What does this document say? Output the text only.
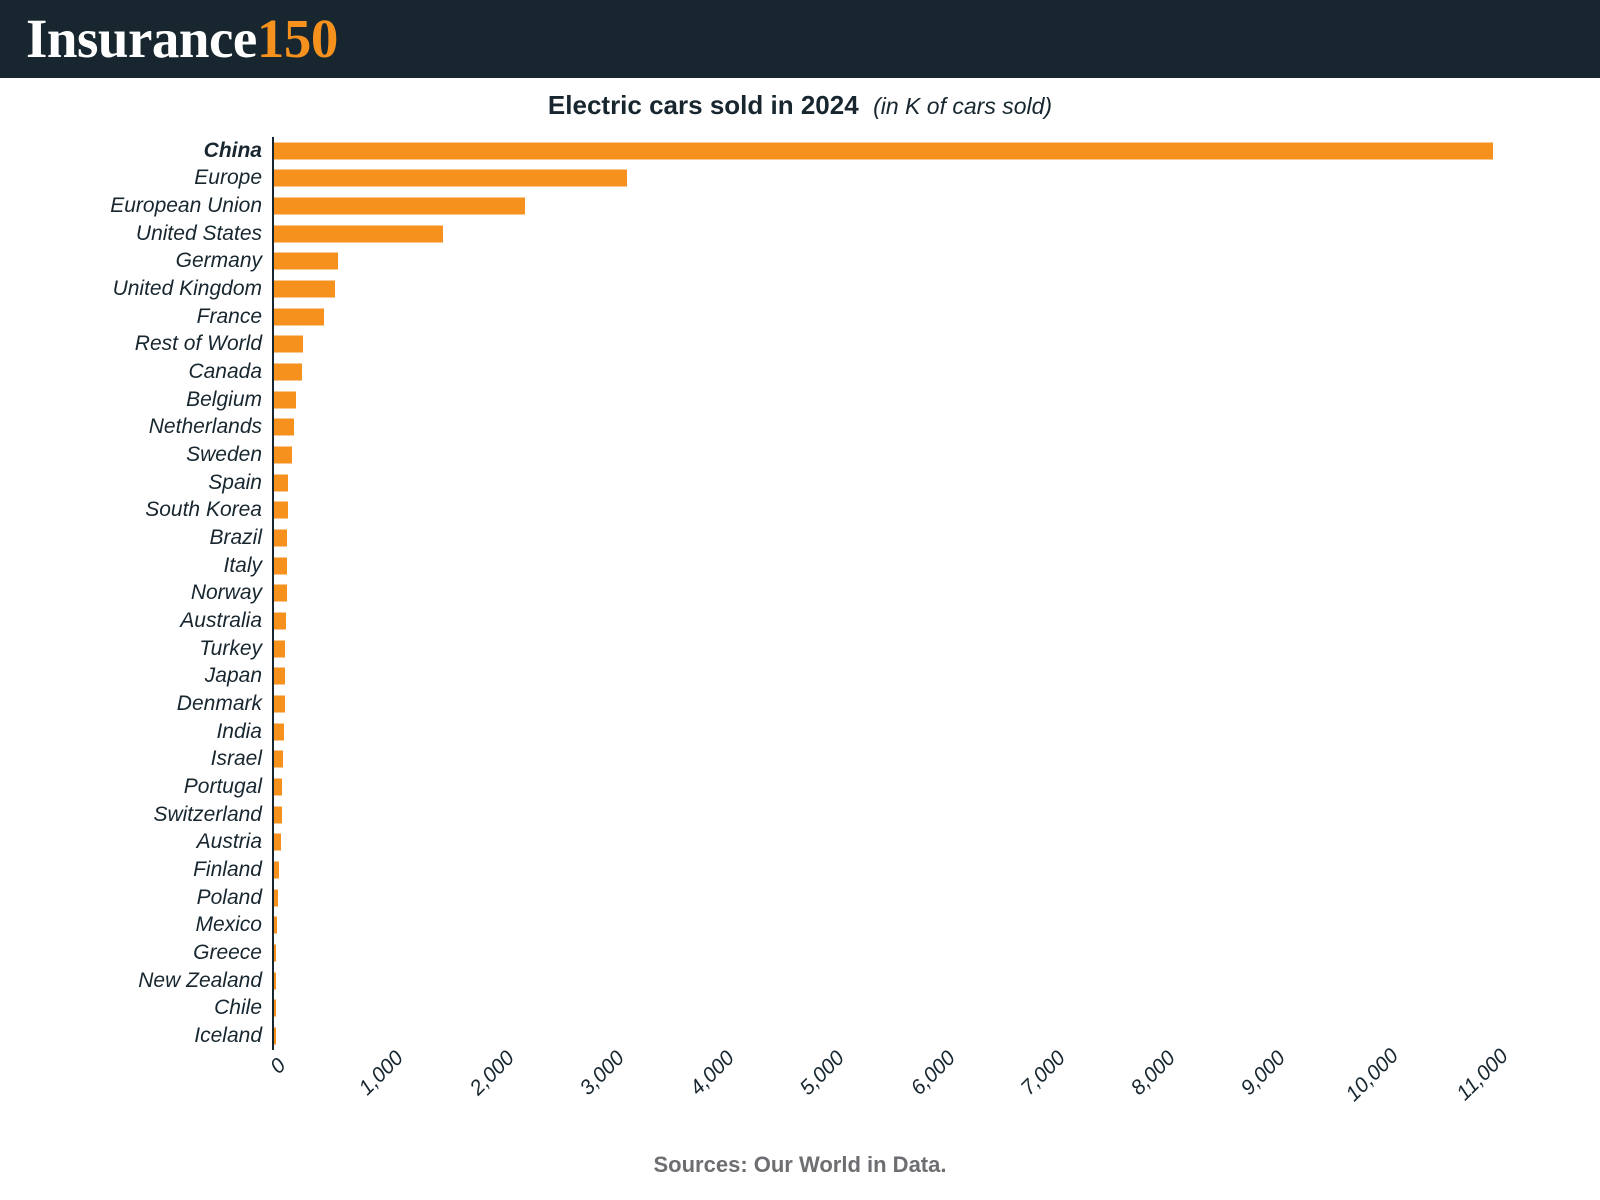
Insurance150
Electric cars sold in 2024 (in K of cars sold)
China
Europe
European Union
United States
Germany
United Kingdom
France
Rest of World
Canada
Belgium
Netherlands
Sweden
Spain
South Korea
Brazil
Italy
Norway
Australia
Turkey
Japan
Denmark
India
Israel
Portugal
Switzerland
Austria
Finland
Poland
Mexico
Greece
New Zealand
Chile
Iceland
0	1,000	2,000	3,000	4,000	5,000	6,000	7,000	8,000	9,000 10,000 11,000
Sources: Our World in Data.
